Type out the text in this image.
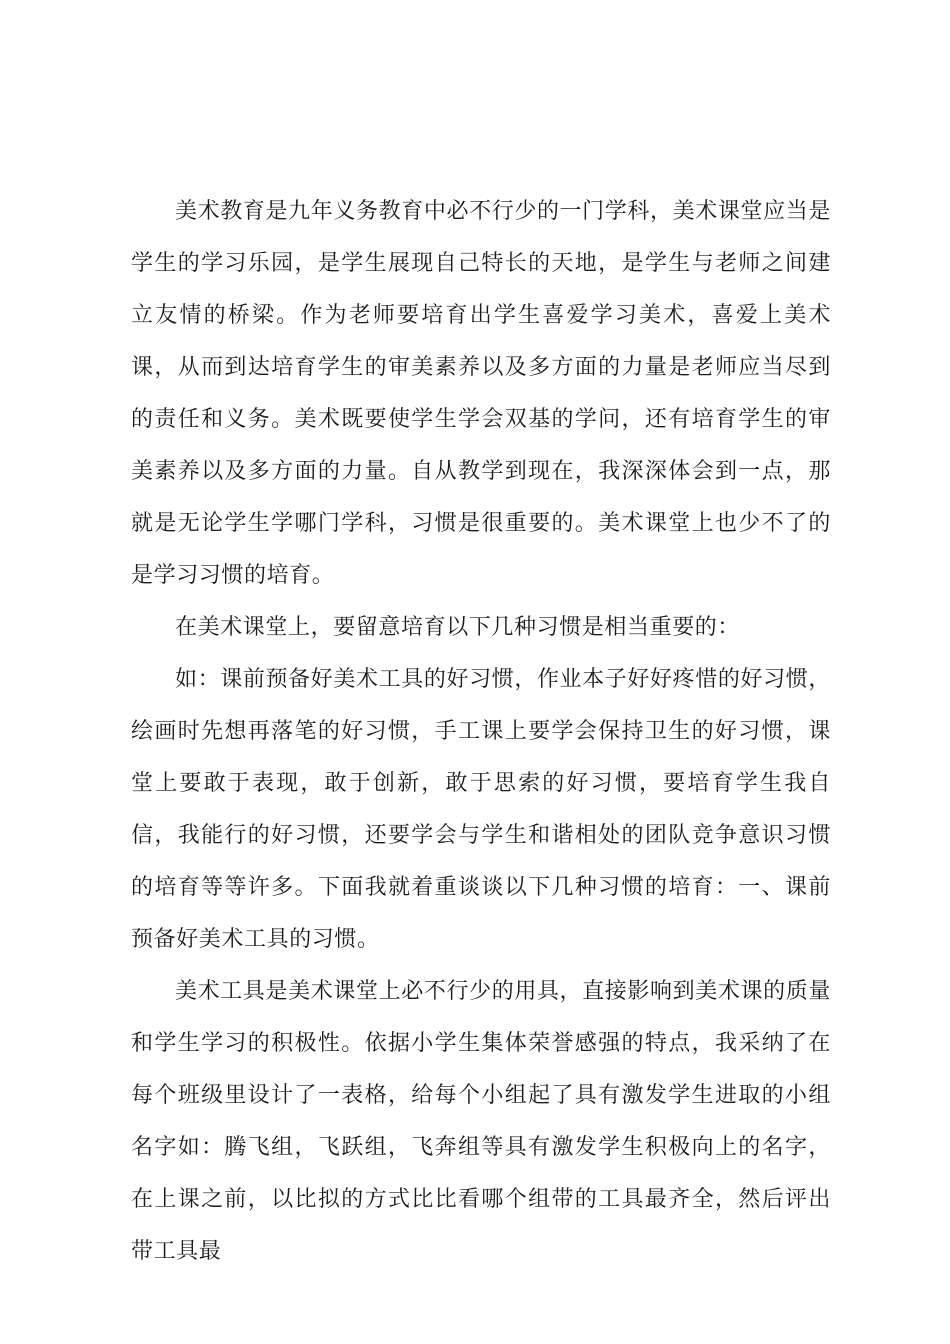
美术教育是九年义务教育中必不行少的一门学科，美术课堂应当是学生的学习乐园，是学生展现自己特长的天地，是学生与老师之间建立友情的桥梁。作为老师要培育出学生喜爱学习美术，喜爱上美术课，从而到达培育学生的审美素养以及多方面的力量是老师应当尽到的责任和义务。美术既要使学生学会双基的学问，还有培育学生的审美素养以及多方面的力量。自从教学到现在，我深深体会到一点，那就是无论学生学哪门学科，习惯是很重要的。美术课堂上也少不了的是学习习惯的培育。

在美术课堂上，要留意培育以下几种习惯是相当重要的：

如：课前预备好美术工具的好习惯，作业本子好好疼惜的好习惯，绘画时先想再落笔的好习惯，手工课上要学会保持卫生的好习惯，课堂上要敢于表现，敢于创新，敢于思索的好习惯，要培育学生我自信，我能行的好习惯，还要学会与学生和谐相处的团队竞争意识习惯的培育等等许多。下面我就着重谈谈以下几种习惯的培育：一、课前预备好美术工具的习惯。

美术工具是美术课堂上必不行少的用具，直接影响到美术课的质量和学生学习的积极性。依据小学生集体荣誉感强的特点，我采纳了在每个班级里设计了一表格，给每个小组起了具有激发学生进取的小组名字如：腾飞组，飞跃组，飞奔组等具有激发学生积极向上的名字，在上课之前，以比拟的方式比比看哪个组带的工具最齐全，然后评出带工具最
